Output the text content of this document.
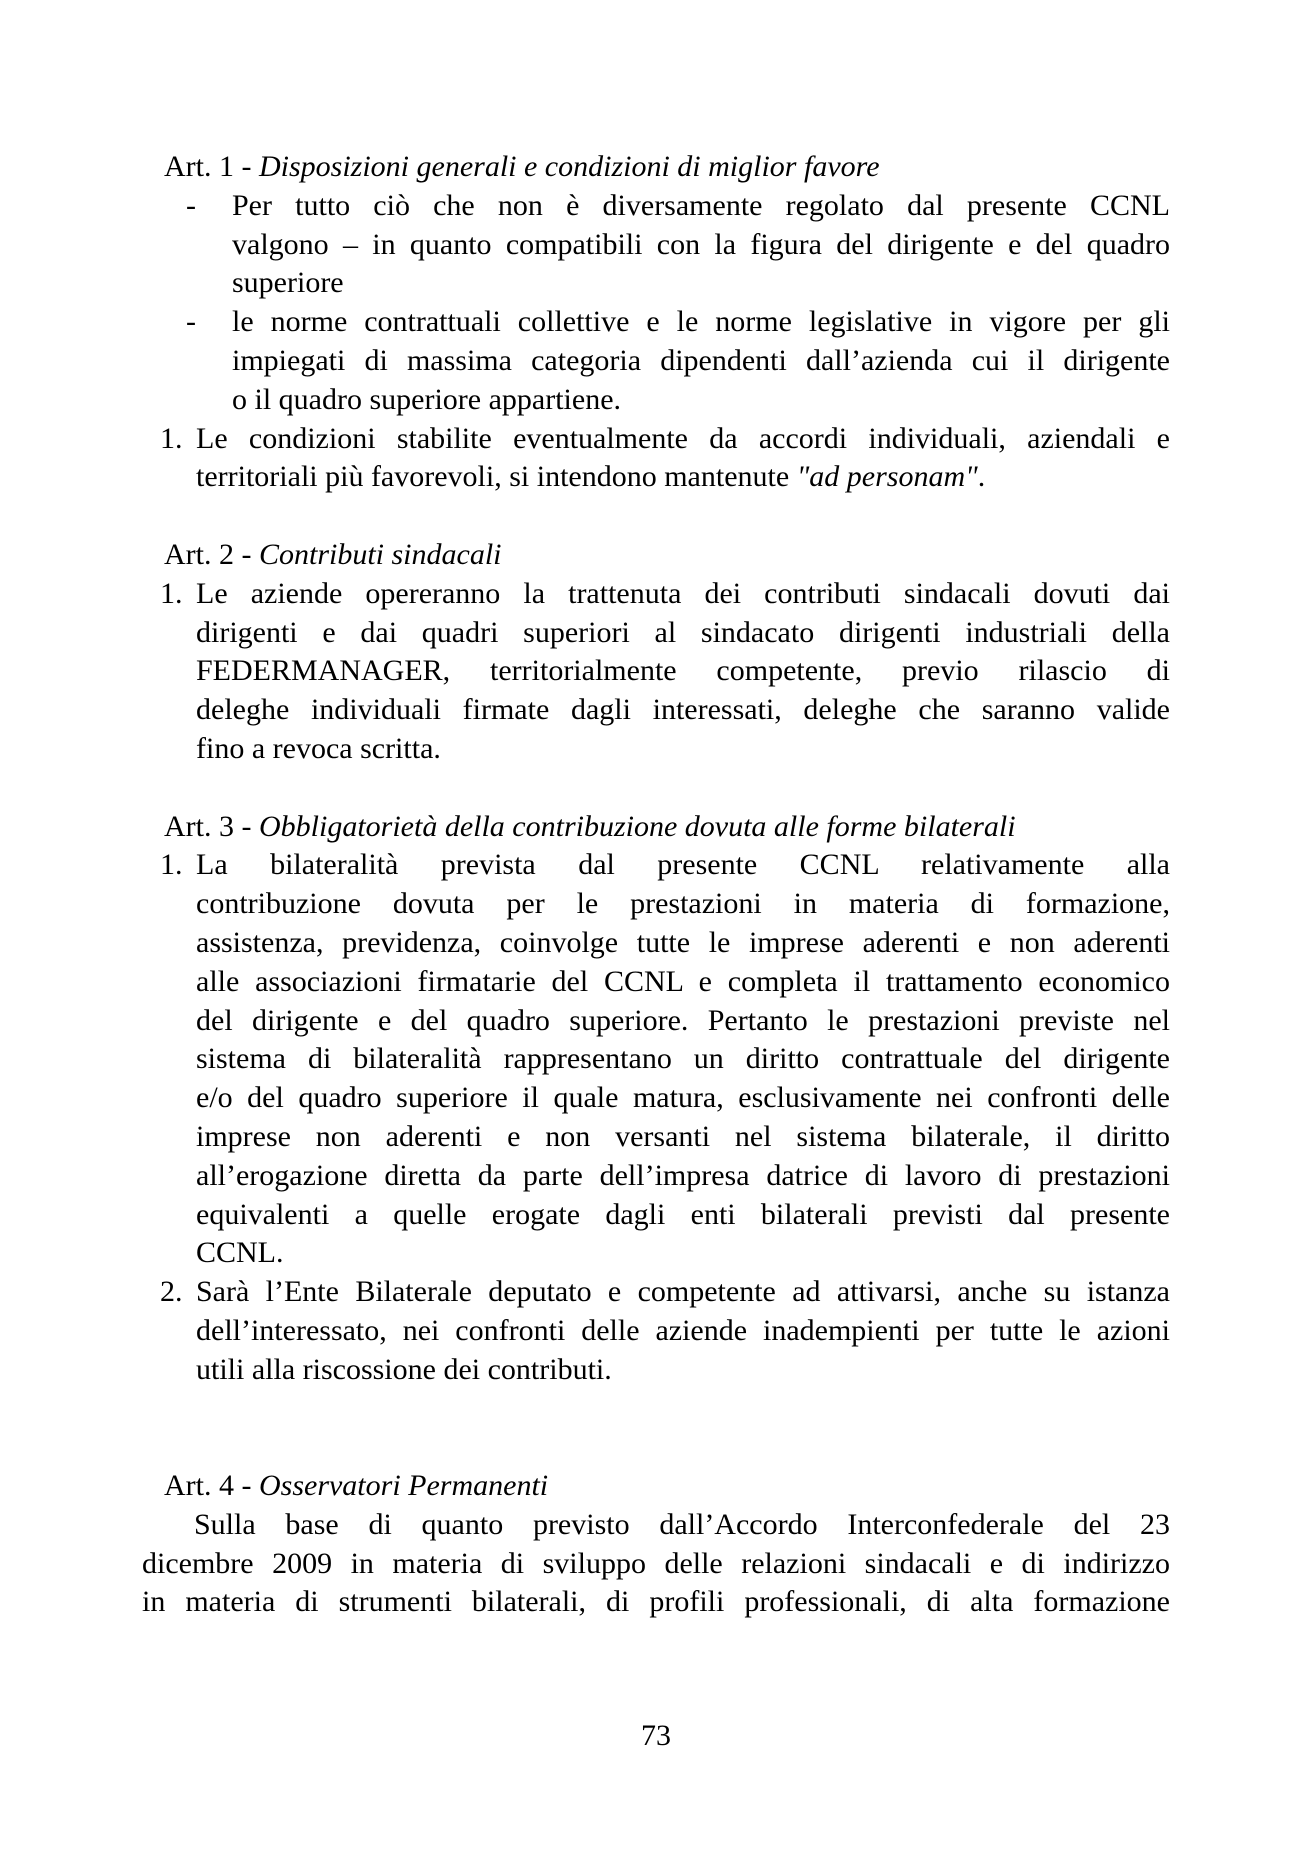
Art. 1 - Disposizioni generali e condizioni di miglior favore
- Per tutto ciò che non è diversamente regolato dal presente CCNL
valgono – in quanto compatibili con la figura del dirigente e del quadro
superiore
- le norme contrattuali collettive e le norme legislative in vigore per gli
impiegati di massima categoria dipendenti dall’azienda cui il dirigente
o il quadro superiore appartiene.
1. Le condizioni stabilite eventualmente da accordi individuali, aziendali e
territoriali più favorevoli, si intendono mantenute "ad personam".
Art. 2 - Contributi sindacali
1. Le aziende opereranno la trattenuta dei contributi sindacali dovuti dai
dirigenti e dai quadri superiori al sindacato dirigenti industriali della
FEDERMANAGER, territorialmente competente, previo rilascio di
deleghe individuali firmate dagli interessati, deleghe che saranno valide
fino a revoca scritta.
Art. 3 - Obbligatorietà della contribuzione dovuta alle forme bilaterali
1. La bilateralità prevista dal presente CCNL relativamente alla
contribuzione dovuta per le prestazioni in materia di formazione,
assistenza, previdenza, coinvolge tutte le imprese aderenti e non aderenti
alle associazioni firmatarie del CCNL e completa il trattamento economico
del dirigente e del quadro superiore. Pertanto le prestazioni previste nel
sistema di bilateralità rappresentano un diritto contrattuale del dirigente
e/o del quadro superiore il quale matura, esclusivamente nei confronti delle
imprese non aderenti e non versanti nel sistema bilaterale, il diritto
all’erogazione diretta da parte dell’impresa datrice di lavoro di prestazioni
equivalenti a quelle erogate dagli enti bilaterali previsti dal presente
CCNL.
2. Sarà l’Ente Bilaterale deputato e competente ad attivarsi, anche su istanza
dell’interessato, nei confronti delle aziende inadempienti per tutte le azioni
utili alla riscossione dei contributi.
Art. 4 - Osservatori Permanenti
Sulla base di quanto previsto dall’Accordo Interconfederale del 23
dicembre 2009 in materia di sviluppo delle relazioni sindacali e di indirizzo
in materia di strumenti bilaterali, di profili professionali, di alta formazione
73
